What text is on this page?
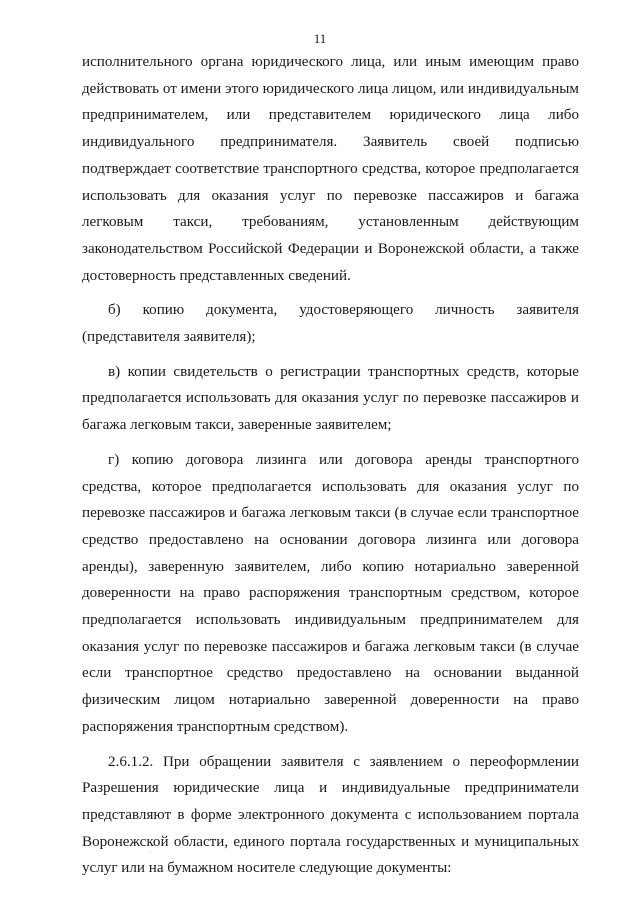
11

исполнительного органа юридического лица, или иным имеющим право действовать от имени этого юридического лица лицом, или индивидуальным предпринимателем, или представителем юридического лица либо индивидуального предпринимателя. Заявитель своей подписью подтверждает соответствие транспортного средства, которое предполагается использовать для оказания услуг по перевозке пассажиров и багажа легковым такси, требованиям, установленным действующим законодательством Российской Федерации и Воронежской области, а также достоверность представленных сведений.

б) копию документа, удостоверяющего личность заявителя (представителя заявителя);

в) копии свидетельств о регистрации транспортных средств, которые предполагается использовать для оказания услуг по перевозке пассажиров и багажа легковым такси, заверенные заявителем;

г) копию договора лизинга или договора аренды транспортного средства, которое предполагается использовать для оказания услуг по перевозке пассажиров и багажа легковым такси (в случае если транспортное средство предоставлено на основании договора лизинга или договора аренды), заверенную заявителем, либо копию нотариально заверенной доверенности на право распоряжения транспортным средством, которое предполагается использовать индивидуальным предпринимателем для оказания услуг по перевозке пассажиров и багажа легковым такси (в случае если транспортное средство предоставлено на основании выданной физическим лицом нотариально заверенной доверенности на право распоряжения транспортным средством).

2.6.1.2. При обращении заявителя с заявлением о переоформлении Разрешения юридические лица и индивидуальные предприниматели представляют в форме электронного документа с использованием портала Воронежской области, единого портала государственных и муниципальных услуг или на бумажном носителе следующие документы:
